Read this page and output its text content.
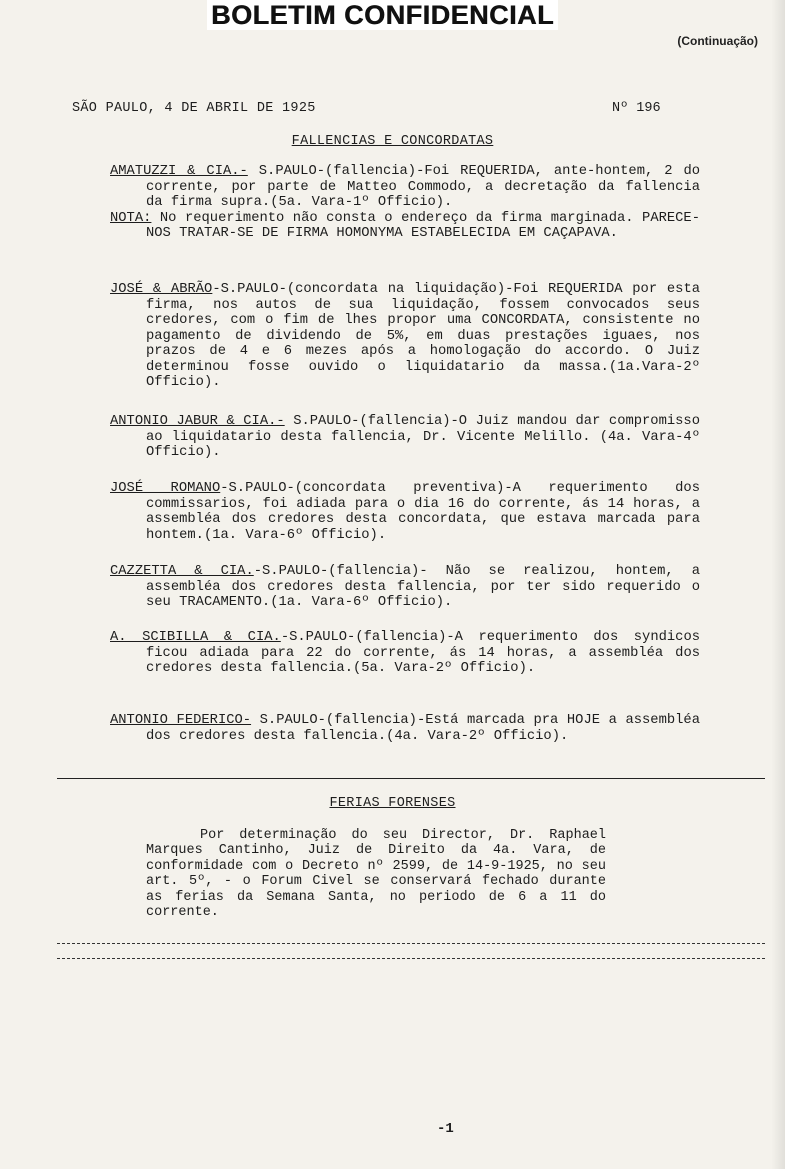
BOLETIM CONFIDENCIAL
(Continuação)
SÃO PAULO, 4 DE ABRIL DE 1925	Nº 196
FALLENCIAS E CONCORDATAS

AMATUZZI & CIA.- S.PAULO-(fallencia)-Foi REQUERIDA, ante-hontem, 2 do corrente, por parte de Matteo Commodo, a decretação da fallencia da firma supra.(5a. Vara-1º Officio).

NOTA: No requerimento não consta o endereço da firma marginada. PARECE-NOS TRATAR-SE DE FIRMA HOMONYMA ESTABELECIDA EM CAÇAPAVA.

JOSÉ & ABRÃO-S.PAULO-(concordata na liquidação)-Foi REQUERIDA por esta firma, nos autos de sua liquidação, fossem convocados seus credores, com o fim de lhes propor uma CONCORDATA, consistente no pagamento de dividendo de 5%, em duas prestações iguaes, nos prazos de 4 e 6 mezes após a homologação do accordo. O Juiz determinou fosse ouvido o liquidatario da massa.(1a.Vara-2º Officio).

ANTONIO JABUR & CIA.- S.PAULO-(fallencia)-O Juiz mandou dar compromisso ao liquidatario desta fallencia, Dr. Vicente Melillo. (4a. Vara-4º Officio).

JOSÉ ROMANO-S.PAULO-(concordata preventiva)-A requerimento dos commissarios, foi adiada para o dia 16 do corrente, ás 14 horas, a assembléa dos credores desta concordata, que estava marcada para hontem.(1a. Vara-6º Officio).

CAZZETTA & CIA.-S.PAULO-(fallencia)- Não se realizou, hontem, a assembléa dos credores desta fallencia, por ter sido requerido o seu TRACAMENTO.(1a. Vara-6º Officio).

A. SCIBILLA & CIA.-S.PAULO-(fallencia)-A requerimento dos syndicos ficou adiada para 22 do corrente, ás 14 horas, a assembléa dos credores desta fallencia.(5a. Vara-2º Officio).

ANTONIO FEDERICO- S.PAULO-(fallencia)-Está marcada pra HOJE a assembléa dos credores desta fallencia.(4a. Vara-2º Officio).

FERIAS FORENSES

Por determinação do seu Director, Dr. Raphael Marques Cantinho, Juiz de Direito da 4a. Vara, de conformidade com o Decreto nº 2599, de 14-9-1925, no seu art. 5º, - o Forum Civel se conservará fechado durante as ferias da Semana Santa, no periodo de 6 a 11 do corrente.

-1
